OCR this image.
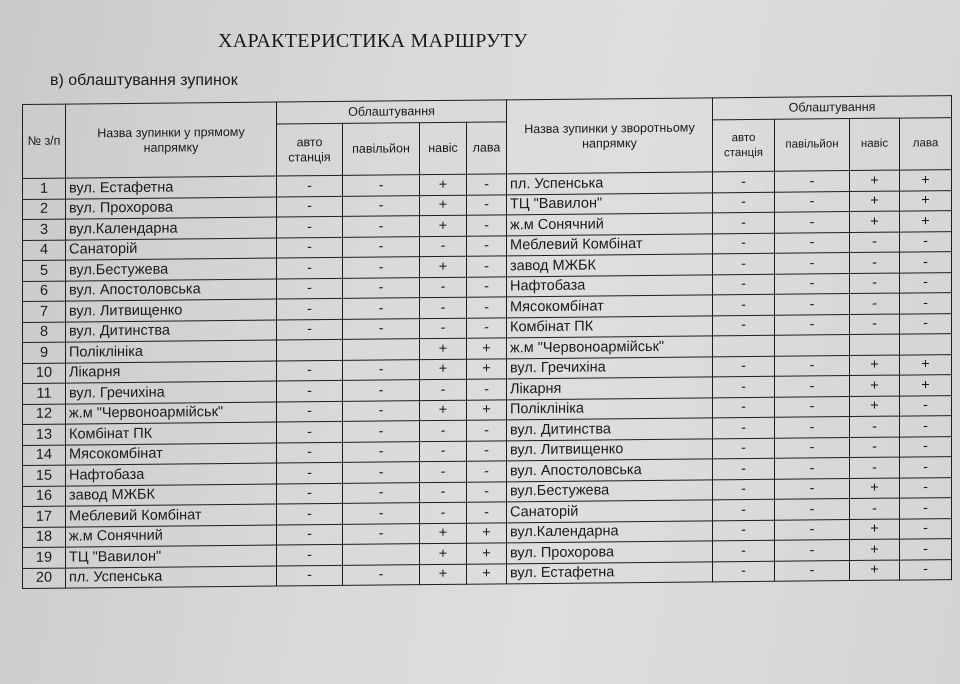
ХАРАКТЕРИСТИКА МАРШРУТУ
в) облаштування зупинок
№ з/п	Назва зупинки у прямому напрямку	Облаштування				Назва зупинки у зворотньому напрямку	Облаштування			
		авто станція	павільйон	навіс	лава		авто станція	павільйон	навіс	лава
1	вул. Естафетна	-	-	+	-	пл. Успенська	-	-	+	+
2	вул. Прохорова	-	-	+	-	ТЦ "Вавилон"	-	-	+	+
3	вул.Календарна	-	-	+	-	ж.м Сонячний	-	-	+	+
4	Санаторій	-	-	-	-	Меблевий Комбінат	-	-	-	-
5	вул.Бестужева	-	-	+	-	завод МЖБК	-	-	-	-
6	вул. Апостоловська	-	-	-	-	Нафтобаза	-	-	-	-
7	вул. Литвищенко	-	-	-	-	Мясокомбінат	-	-	-	-
8	вул. Дитинства	-	-	-	-	Комбінат ПК	-	-	-	-
9	Поліклініка			+	+	ж.м "Червоноармійськ"				
10	Лікарня	-	-	+	+	вул. Гречихіна	-	-	+	+
11	вул. Гречихіна	-	-	-	-	Лікарня	-	-	+	+
12	ж.м "Червоноармійськ"	-	-	+	+	Поліклініка	-	-	+	-
13	Комбінат ПК	-	-	-	-	вул. Дитинства	-	-	-	-
14	Мясокомбінат	-	-	-	-	вул. Литвищенко	-	-	-	-
15	Нафтобаза	-	-	-	-	вул. Апостоловська	-	-	-	-
16	завод МЖБК	-	-	-	-	вул.Бестужева	-	-	+	-
17	Меблевий Комбінат	-	-	-	-	Санаторій	-	-	-	-
18	ж.м Сонячний	-	-	+	+	вул.Календарна	-	-	+	-
19	ТЦ "Вавилон"	-		+	+	вул. Прохорова	-	-	+	-
20	пл. Успенська	-	-	+	+	вул. Естафетна	-	-	+	-
